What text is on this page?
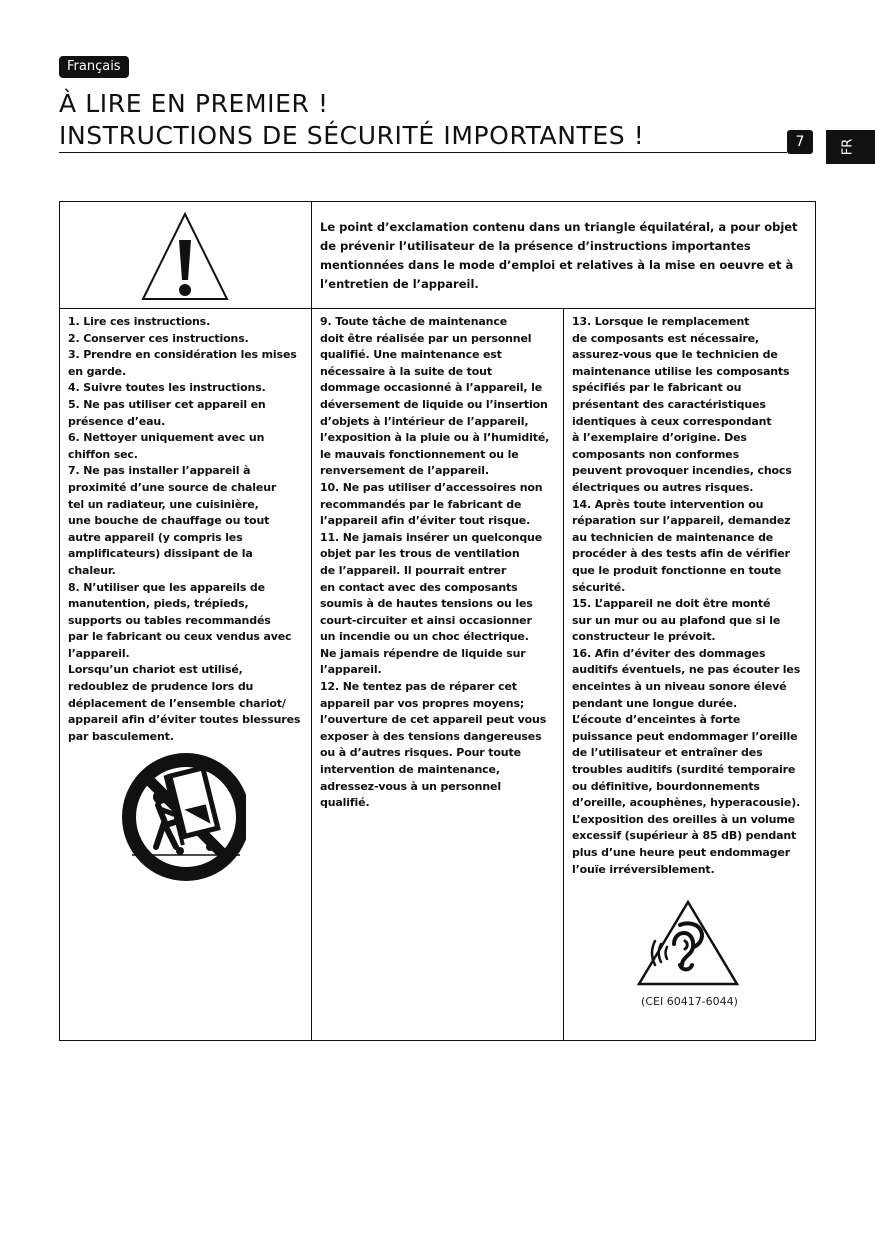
Français
À LIRE EN PREMIER !
INSTRUCTIONS DE SÉCURITÉ IMPORTANTES !	7	FR

Le point d’exclamation contenu dans un triangle équilatéral, a pour objet de prévenir l’utilisateur de la présence d’instructions importantes mentionnées dans le mode d’emploi et relatives à la mise en oeuvre et à l’entretien de l’appareil.

1. Lire ces instructions.

2. Conserver ces instructions.

3. Prendre en considération les mises

en garde.

4. Suivre toutes les instructions.

5. Ne pas utiliser cet appareil en

présence d’eau.

6. Nettoyer uniquement avec un

chiffon sec.

7. Ne pas installer l’appareil à

proximité d’une source de chaleur

tel un radiateur, une cuisinière,

une bouche de chauffage ou tout

autre appareil (y compris les

amplificateurs) dissipant de la

chaleur.

8. N’utiliser que les appareils de

manutention, pieds, trépieds,

supports ou tables recommandés

par le fabricant ou ceux vendus avec

l’appareil.

Lorsqu’un chariot est utilisé,

redoublez de prudence lors du

déplacement de l’ensemble chariot/

appareil afin d’éviter toutes blessures

par basculement.

9. Toute tâche de maintenance

doit être réalisée par un personnel

qualifié. Une maintenance est

nécessaire à la suite de tout

dommage occasionné à l’appareil, le

déversement de liquide ou l’insertion

d’objets à l’intérieur de l’appareil,

l’exposition à la pluie ou à l’humidité,

le mauvais fonctionnement ou le

renversement de l’appareil.

10. Ne pas utiliser d’accessoires non

recommandés par le fabricant de

l’appareil afin d’éviter tout risque.

11. Ne jamais insérer un quelconque

objet par les trous de ventilation

de l’appareil. Il pourrait entrer

en contact avec des composants

soumis à de hautes tensions ou les

court-circuiter et ainsi occasionner

un incendie ou un choc électrique.

Ne jamais répendre de liquide sur

l’appareil.

12. Ne tentez pas de réparer cet

appareil par vos propres moyens;

l’ouverture de cet appareil peut vous

exposer à des tensions dangereuses

ou à d’autres risques. Pour toute

intervention de maintenance,

adressez-vous à un personnel

qualifié.

13. Lorsque le remplacement

de composants est nécessaire,

assurez-vous que le technicien de

maintenance utilise les composants

spécifiés par le fabricant ou

présentant des caractéristiques

identiques à ceux correspondant

à l’exemplaire d’origine. Des

composants non conformes

peuvent provoquer incendies, chocs

électriques ou autres risques.

14. Après toute intervention ou

réparation sur l’appareil, demandez

au technicien de maintenance de

procéder à des tests afin de vérifier

que le produit fonctionne en toute

sécurité.

15. L’appareil ne doit être monté

sur un mur ou au plafond que si le

constructeur le prévoit.

16. Afin d’éviter des dommages

auditifs éventuels, ne pas écouter les

enceintes à un niveau sonore élevé

pendant une longue durée.

L’écoute d’enceintes à forte

puissance peut endommager l’oreille

de l’utilisateur et entraîner des

troubles auditifs (surdité temporaire

ou définitive, bourdonnements

d’oreille, acouphènes, hyperacousie).

L’exposition des oreilles à un volume

excessif (supérieur à 85 dB) pendant

plus d’une heure peut endommager

l’ouïe irréversiblement.

(CEI 60417-6044)
